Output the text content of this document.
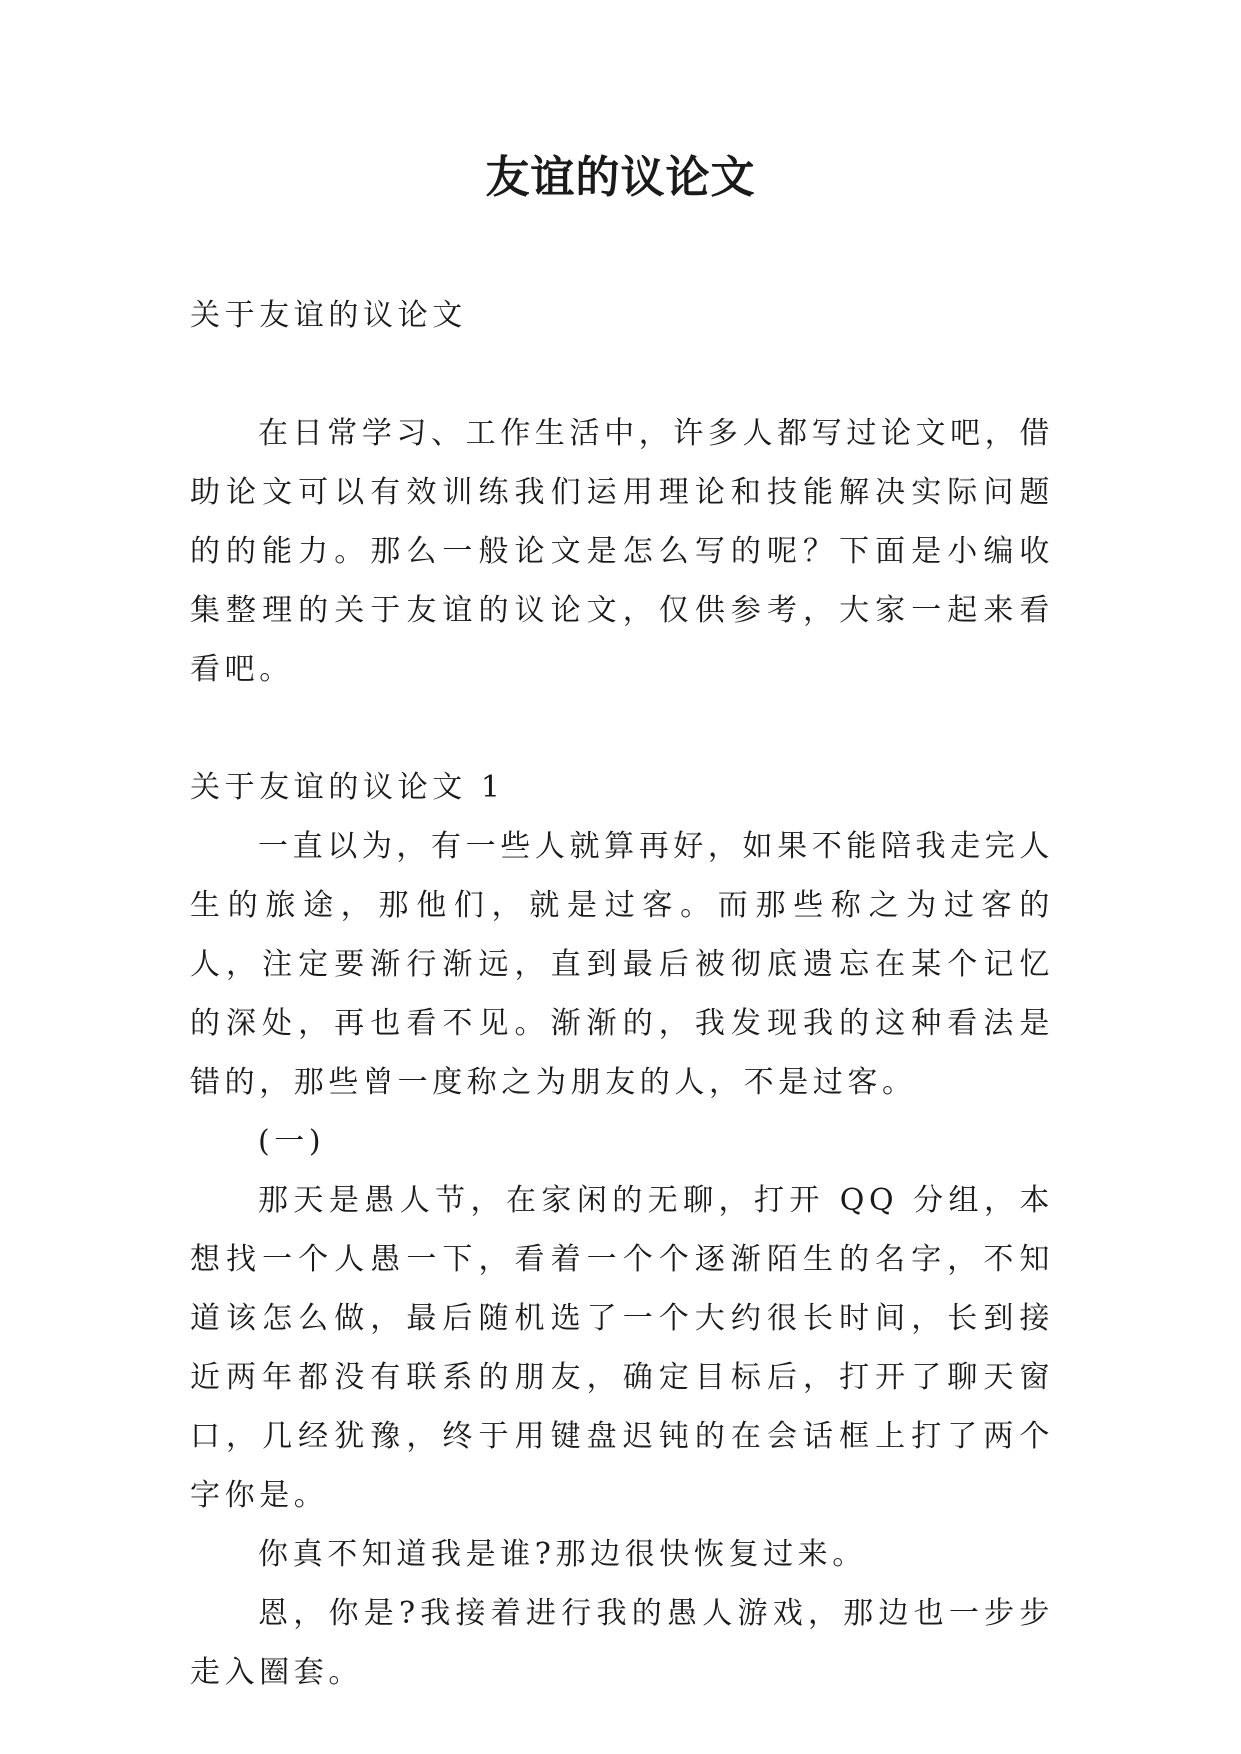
友谊的议论文

关于友谊的议论文

在日常学习、工作生活中，许多人都写过论文吧，借助论文可以有效训练我们运用理论和技能解决实际问题的的能力。那么一般论文是怎么写的呢？下面是小编收集整理的关于友谊的议论文，仅供参考，大家一起来看看吧。

关于友谊的议论文 1

一直以为，有一些人就算再好，如果不能陪我走完人生的旅途，那他们，就是过客。而那些称之为过客的人，注定要渐行渐远，直到最后被彻底遗忘在某个记忆的深处，再也看不见。渐渐的，我发现我的这种看法是错的，那些曾一度称之为朋友的人，不是过客。

(一)

那天是愚人节，在家闲的无聊，打开 QQ 分组，本想找一个人愚一下，看着一个个逐渐陌生的名字，不知道该怎么做，最后随机选了一个大约很长时间，长到接近两年都没有联系的朋友，确定目标后，打开了聊天窗口，几经犹豫，终于用键盘迟钝的在会话框上打了两个字你是。

你真不知道我是谁?那边很快恢复过来。

恩，你是?我接着进行我的愚人游戏，那边也一步步走入圈套。
